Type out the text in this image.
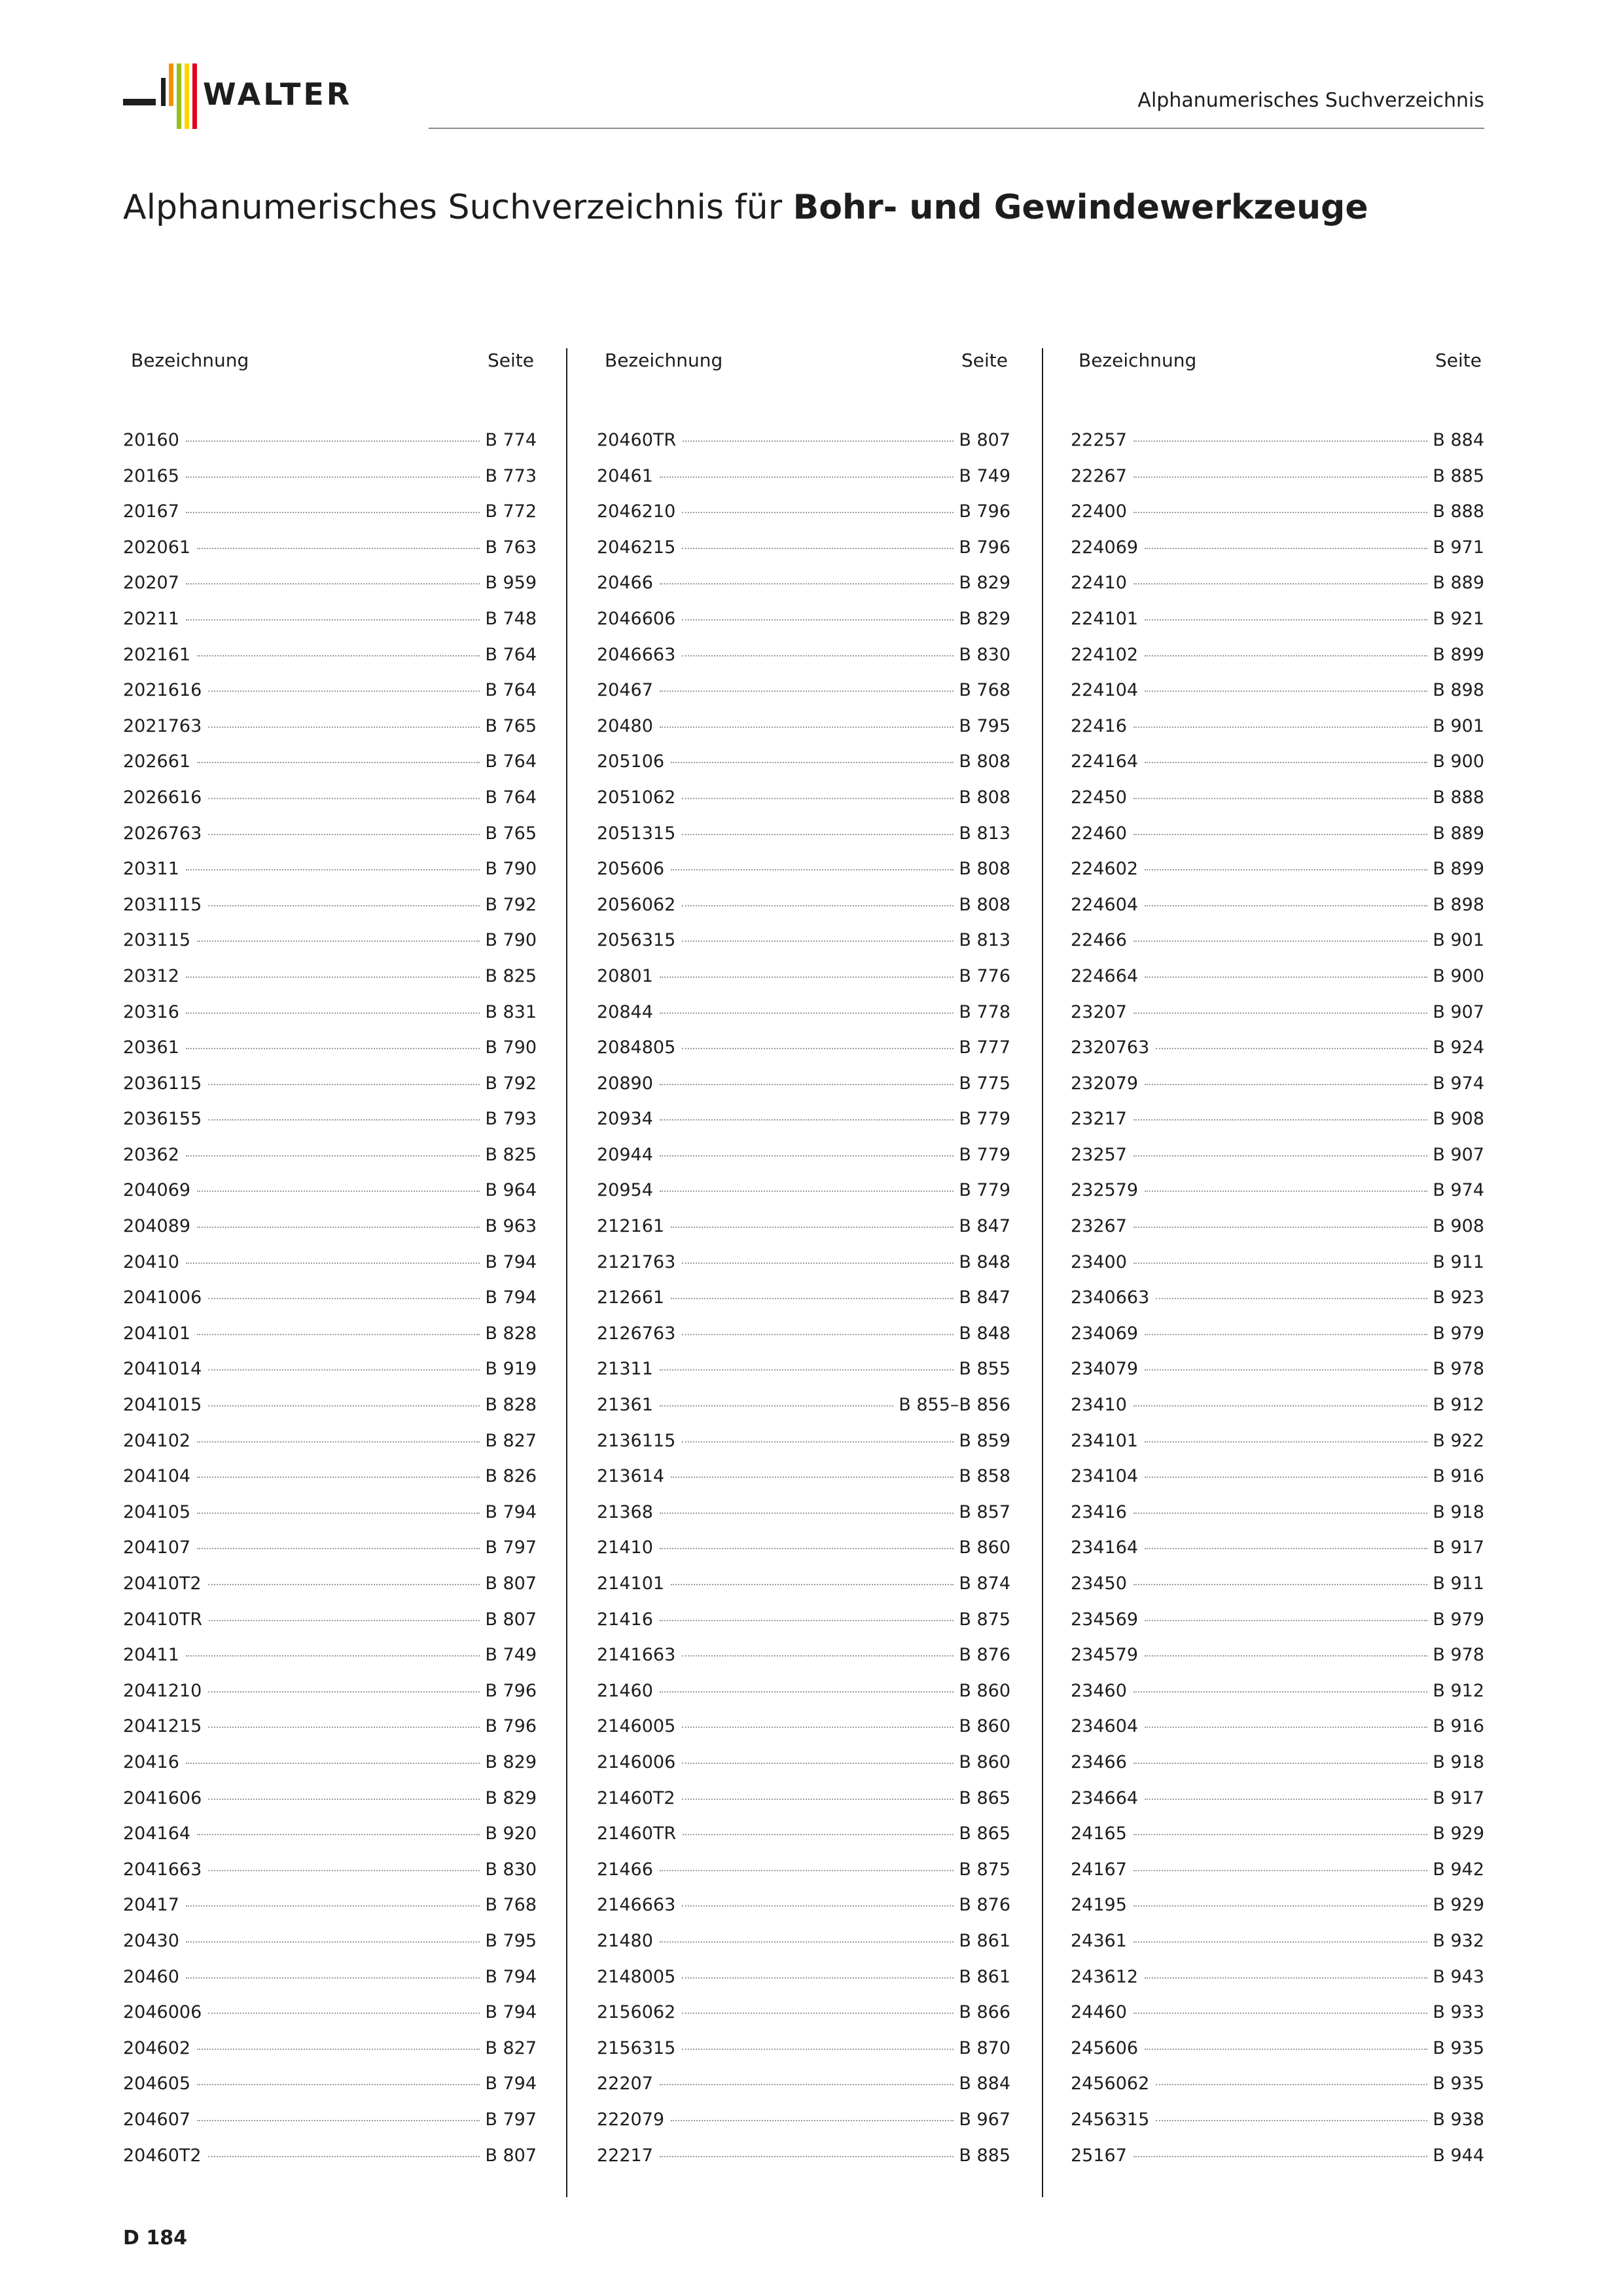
WALTER	Alphanumerisches Suchverzeichnis
Alphanumerisches Suchverzeichnis für Bohr- und Gewindewerkzeuge
Bezeichnung	Seite
20160	B 774
20165	B 773
20167	B 772
202061	B 763
20207	B 959
20211	B 748
202161	B 764
2021616	B 764
2021763	B 765
202661	B 764
2026616	B 764
2026763	B 765
20311	B 790
2031115	B 792
203115	B 790
20312	B 825
20316	B 831
20361	B 790
2036115	B 792
2036155	B 793
20362	B 825
204069	B 964
204089	B 963
20410	B 794
2041006	B 794
204101	B 828
2041014	B 919
2041015	B 828
204102	B 827
204104	B 826
204105	B 794
204107	B 797
20410T2	B 807
20410TR	B 807
20411	B 749
2041210	B 796
2041215	B 796
20416	B 829
2041606	B 829
204164	B 920
2041663	B 830
20417	B 768
20430	B 795
20460	B 794
2046006	B 794
204602	B 827
204605	B 794
204607	B 797
20460T2	B 807
Bezeichnung	Seite
20460TR	B 807
20461	B 749
2046210	B 796
2046215	B 796
20466	B 829
2046606	B 829
2046663	B 830
20467	B 768
20480	B 795
205106	B 808
2051062	B 808
2051315	B 813
205606	B 808
2056062	B 808
2056315	B 813
20801	B 776
20844	B 778
2084805	B 777
20890	B 775
20934	B 779
20944	B 779
20954	B 779
212161	B 847
2121763	B 848
212661	B 847
2126763	B 848
21311	B 855
21361	B 855–B 856
2136115	B 859
213614	B 858
21368	B 857
21410	B 860
214101	B 874
21416	B 875
2141663	B 876
21460	B 860
2146005	B 860
2146006	B 860
21460T2	B 865
21460TR	B 865
21466	B 875
2146663	B 876
21480	B 861
2148005	B 861
2156062	B 866
2156315	B 870
22207	B 884
222079	B 967
22217	B 885
Bezeichnung	Seite
22257	B 884
22267	B 885
22400	B 888
224069	B 971
22410	B 889
224101	B 921
224102	B 899
224104	B 898
22416	B 901
224164	B 900
22450	B 888
22460	B 889
224602	B 899
224604	B 898
22466	B 901
224664	B 900
23207	B 907
2320763	B 924
232079	B 974
23217	B 908
23257	B 907
232579	B 974
23267	B 908
23400	B 911
2340663	B 923
234069	B 979
234079	B 978
23410	B 912
234101	B 922
234104	B 916
23416	B 918
234164	B 917
23450	B 911
234569	B 979
234579	B 978
23460	B 912
234604	B 916
23466	B 918
234664	B 917
24165	B 929
24167	B 942
24195	B 929
24361	B 932
243612	B 943
24460	B 933
245606	B 935
2456062	B 935
2456315	B 938
25167	B 944
D 184
